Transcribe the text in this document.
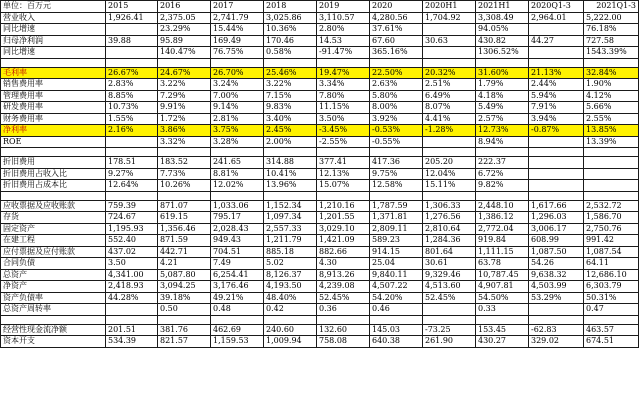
单位：百万元	2015	2016	2017	2018	2019	2020	2020H1	2021H1	2020Q1-3	2021Q1-3
营业收入	1,926.41	2,375.05	2,741.79	3,025.86	3,110.57	4,280.56	1,704.92	3,308.49	2,964.01	5,222.00
同比增速		23.29%	15.44%	10.36%	2.80%	37.61%		94.05%		76.18%
归母净利润	39.88	95.89	169.49	170.46	14.53	67.60	30.63	430.82	44.27	727.58
同比增速		140.47%	76.75%	0.58%	-91.47%	365.16%		1306.52%		1543.39%

毛利率	26.67%	24.67%	26.70%	25.46%	19.47%	22.50%	20.32%	31.60%	21.13%	32.84%
销售费用率	2.83%	3.22%	3.24%	3.22%	3.34%	2.63%	2.51%	1.79%	2.44%	1.90%
管理费用率	8.85%	7.29%	7.00%	7.15%	7.80%	5.80%	6.49%	4.18%	5.94%	4.12%
研发费用率	10.73%	9.91%	9.14%	9.83%	11.15%	8.00%	8.07%	5.49%	7.91%	5.66%
财务费用率	1.55%	1.72%	2.81%	3.40%	3.50%	3.92%	4.41%	2.57%	3.94%	2.55%
净利率	2.16%	3.86%	3.75%	2.45%	-3.45%	-0.53%	-1.28%	12.73%	-0.87%	13.85%
ROE		3.32%	3.28%	2.00%	-2.55%	-0.55%		8.94%		13.39%

折旧费用	178.51	183.52	241.65	314.88	377.41	417.36	205.20	222.37		
折旧费用占收入比	9.27%	7.73%	8.81%	10.41%	12.13%	9.75%	12.04%	6.72%		
折旧费用占成本比	12.64%	10.26%	12.02%	13.96%	15.07%	12.58%	15.11%	9.82%		

应收票据及应收账款	759.39	871.07	1,033.06	1,152.34	1,210.16	1,787.59	1,306.33	2,448.10	1,617.66	2,532.72
存货	724.67	619.15	795.17	1,097.34	1,201.55	1,371.81	1,276.56	1,386.12	1,296.03	1,586.70
固定资产	1,195.93	1,356.46	2,028.43	2,557.33	3,029.10	2,809.11	2,810.64	2,772.04	3,006.17	2,750.76
在建工程	552.40	871.59	949.43	1,211.79	1,421.09	589.23	1,284.36	919.84	608.99	991.42
应付票据及应付账款	437.02	442.71	704.51	885.18	882.66	914.15	801.64	1,111.15	1,087.50	1,087.54
合同负债	3.50	4.21	7.49	5.02	4.30	25.04	30.61	63.78	54.26	64.11
总资产	4,341.00	5,087.80	6,254.41	8,126.37	8,913.26	9,840.11	9,329.46	10,787.45	9,638.32	12,686.10
净资产	2,418.93	3,094.25	3,176.46	4,193.50	4,239.08	4,507.22	4,513.60	4,907.81	4,503.99	6,303.79
资产负债率	44.28%	39.18%	49.21%	48.40%	52.45%	54.20%	52.45%	54.50%	53.29%	50.31%
总资产周转率		0.50	0.48	0.42	0.36	0.46		0.33		0.47

经营性现金流净额	201.51	381.76	462.69	240.60	132.60	145.03	-73.25	153.45	-62.83	463.57
资本开支	534.39	821.57	1,159.53	1,009.94	758.08	640.38	261.90	430.27	329.02	674.51
